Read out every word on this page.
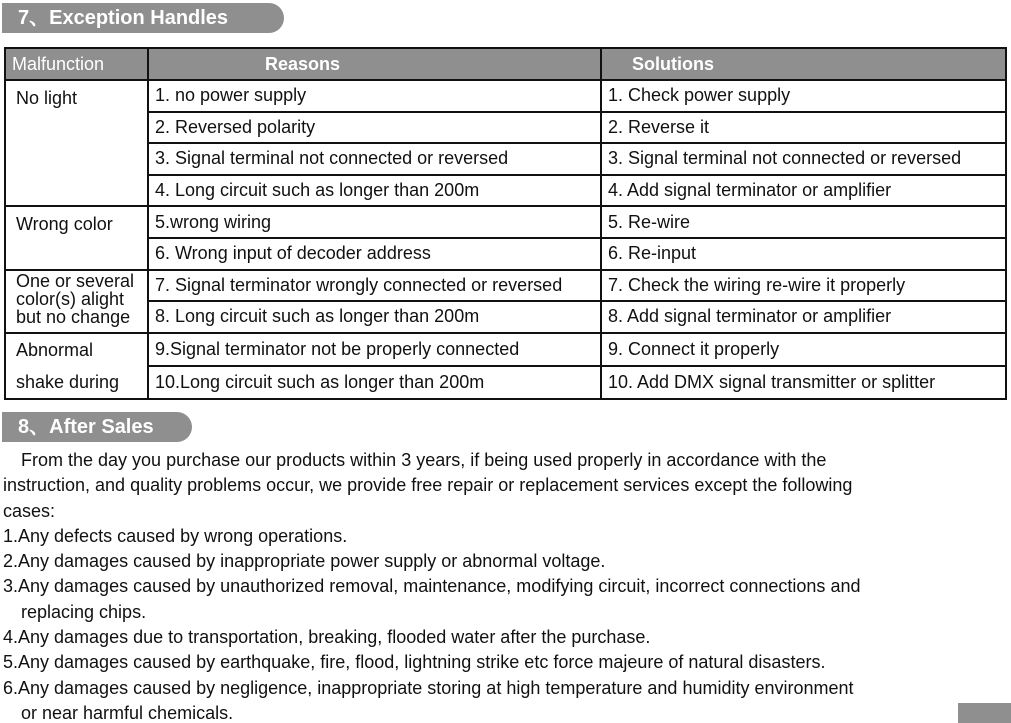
7、Exception Handles
Malfunction	Reasons	Solutions
No light	1. no power supply	1. Check power supply
	2. Reversed polarity	2. Reverse it
	3. Signal terminal not connected or reversed	3. Signal terminal not connected or reversed
	4. Long circuit such as longer than 200m	4. Add signal terminator or amplifier
Wrong color	5.wrong wiring	5. Re-wire
	6. Wrong input of decoder address	6. Re-input

One or several
color(s) alight
but no change	7. Signal terminator wrongly connected or reversed	7. Check the wiring re-wire it properly
	8. Long circuit such as longer than 200m	8. Add signal terminator or amplifier

Abnormal
shake during	9.Signal terminator not be properly connected	9. Connect it properly
	10.Long circuit such as longer than 200m	10. Add DMX signal transmitter or splitter
8、After Sales

From the day you purchase our products within 3 years, if being used properly in accordance with the

instruction, and quality problems occur, we provide free repair or replacement services except the following

cases:

1.Any defects caused by wrong operations.

2.Any damages caused by inappropriate power supply or abnormal voltage.

3.Any damages caused by unauthorized removal, maintenance, modifying circuit, incorrect connections and

replacing chips.

4.Any damages due to transportation, breaking, flooded water after the purchase.

5.Any damages caused by earthquake, fire, flood, lightning strike etc force majeure of natural disasters.

6.Any damages caused by negligence, inappropriate storing at high temperature and humidity environment

or near harmful chemicals.
